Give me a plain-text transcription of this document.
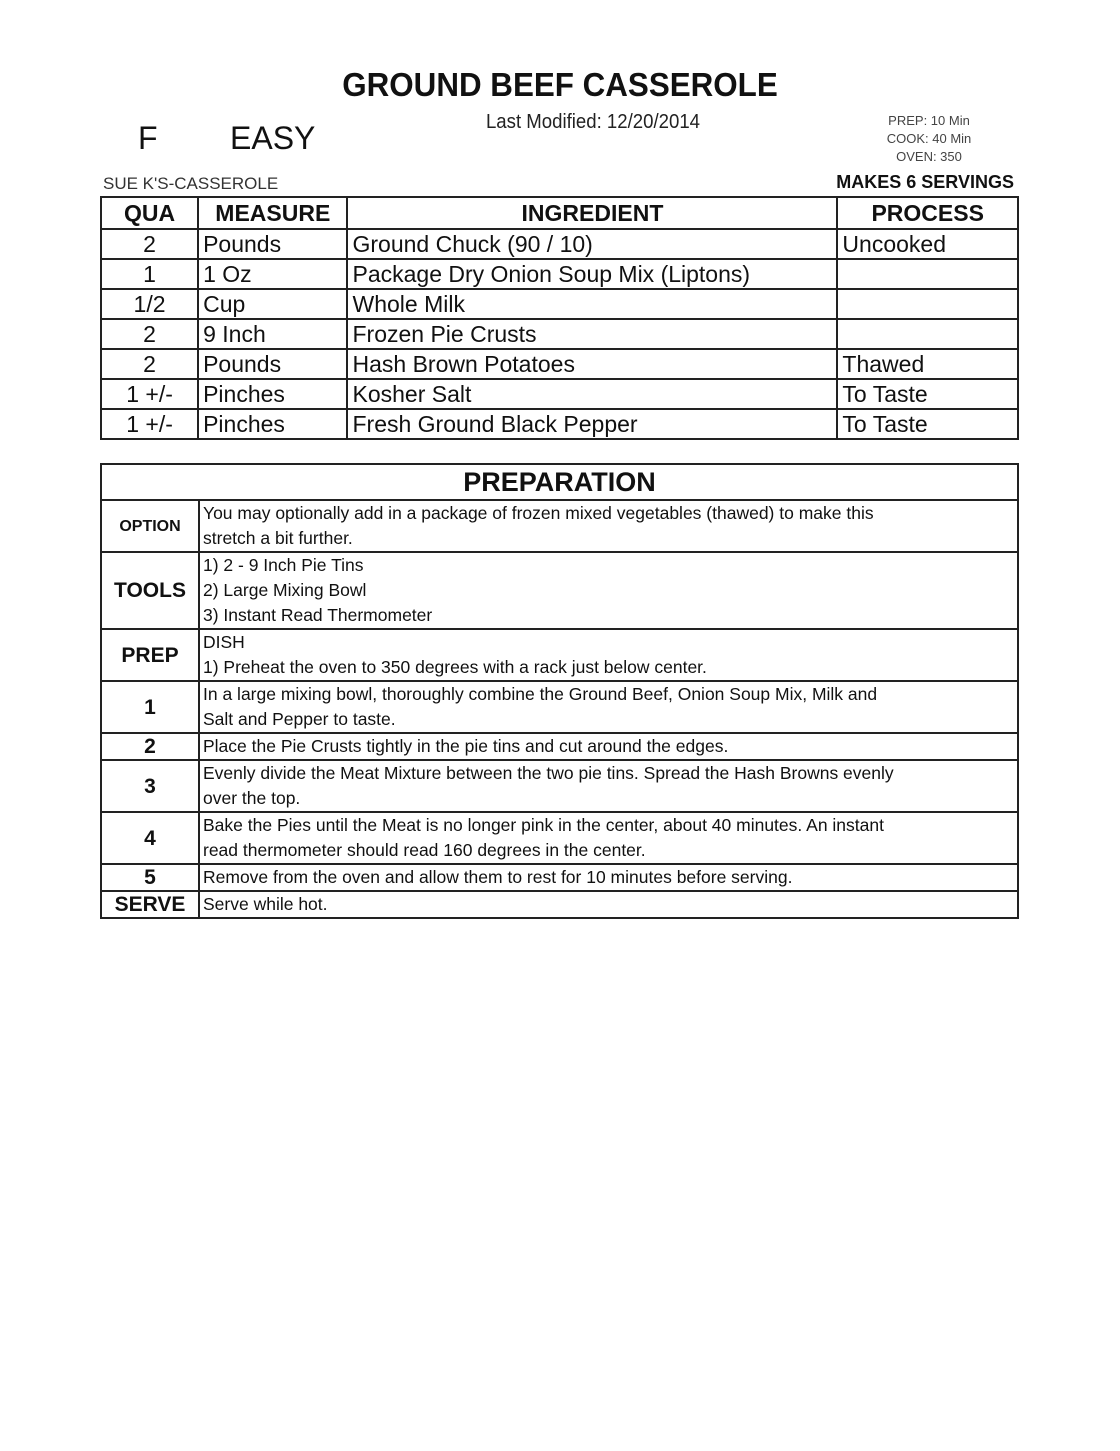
GROUND BEEF CASSEROLE
Last Modified: 12/20/2014
F EASY	PREP: 10 Min
COOK: 40 Min
OVEN: 350
SUE K'S-CASSEROLE	MAKES 6 SERVINGS
QUA	MEASURE	INGREDIENT	PROCESS
2	Pounds	Ground Chuck (90 / 10)	Uncooked
1	1 Oz	Package Dry Onion Soup Mix (Liptons)	
1/2	Cup	Whole Milk	
2	9 Inch	Frozen Pie Crusts	
2	Pounds	Hash Brown Potatoes	Thawed
1 +/-	Pinches	Kosher Salt	To Taste
1 +/-	Pinches	Fresh Ground Black Pepper	To Taste
PREPARATION	
OPTION	You may optionally add in a package of frozen mixed vegetables (thawed) to make this
stretch a bit further.

TOOLS	1) 2 - 9 Inch Pie Tins
2) Large Mixing Bowl
3) Instant Read Thermometer

PREP	DISH
1) Preheat the oven to 350 degrees with a rack just below center.

1	In a large mixing bowl, thoroughly combine the Ground Beef, Onion Soup Mix, Milk and
Salt and Pepper to taste.

2	Place the Pie Crusts tightly in the pie tins and cut around the edges.

3	Evenly divide the Meat Mixture between the two pie tins. Spread the Hash Browns evenly
over the top.

4	Bake the Pies until the Meat is no longer pink in the center, about 40 minutes. An instant
read thermometer should read 160 degrees in the center.

5	Remove from the oven and allow them to rest for 10 minutes before serving.

SERVE	Serve while hot.
